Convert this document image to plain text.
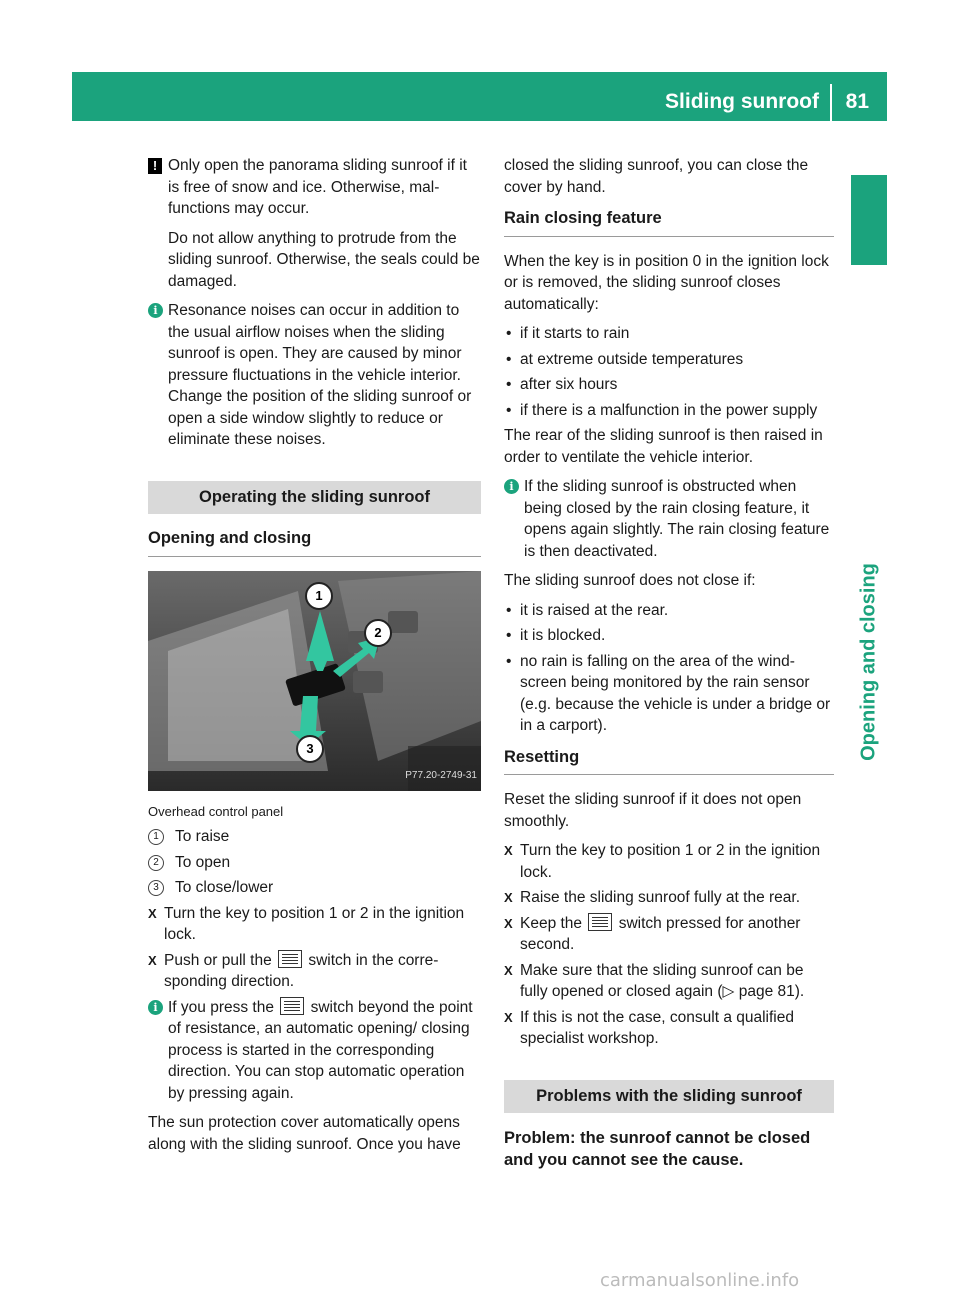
Sliding sunroof 81
Opening and closing
! Only open the panorama sliding sunroof if it is free of snow and ice. Otherwise, malfunctions may occur.

Do not allow anything to protrude from the sliding sunroof. Otherwise, the seals could be damaged.

i Resonance noises can occur in addition to the usual airflow noises when the sliding sunroof is open. They are caused by minor pressure fluctuations in the vehicle interior. Change the position of the sliding sunroof or open a side window slightly to reduce or eliminate these noises.
Operating the sliding sunroof
Opening and closing
1
2
3
P77.20-2749-31
Overhead control panel
1	To raise
2	To open
3	To close/lower
X Turn the key to position 1 or 2 in the ignition lock.
X Push or pull the switch in the corresponding direction.
i If you press the switch beyond the point of resistance, an automatic opening/ closing process is started in the corresponding direction. You can stop automatic operation by pressing again.

The sun protection cover automatically opens along with the sliding sunroof. Once you have

closed the sliding sunroof, you can close the cover by hand.

Rain closing feature

When the key is in position 0 in the ignition lock or is removed, the sliding sunroof closes automatically:

• if it starts to rain
• at extreme outside temperatures
• after six hours
• if there is a malfunction in the power supply

The rear of the sliding sunroof is then raised in order to ventilate the vehicle interior.

i If the sliding sunroof is obstructed when being closed by the rain closing feature, it opens again slightly. The rain closing feature is then deactivated.

The sliding sunroof does not close if:

• it is raised at the rear.
• it is blocked.
• no rain is falling on the area of the windscreen being monitored by the rain sensor (e.g. because the vehicle is under a bridge or in a carport).
Resetting

Reset the sliding sunroof if it does not open smoothly.

X Turn the key to position 1 or 2 in the ignition lock.
X Raise the sliding sunroof fully at the rear.
X Keep the switch pressed for another second.
X Make sure that the sliding sunroof can be fully opened or closed again (▷ page 81).
X If this is not the case, consult a qualified specialist workshop.
Problems with the sliding sunroof
Problem: the sunroof cannot be closed and you cannot see the cause.
carmanualsonline.info
